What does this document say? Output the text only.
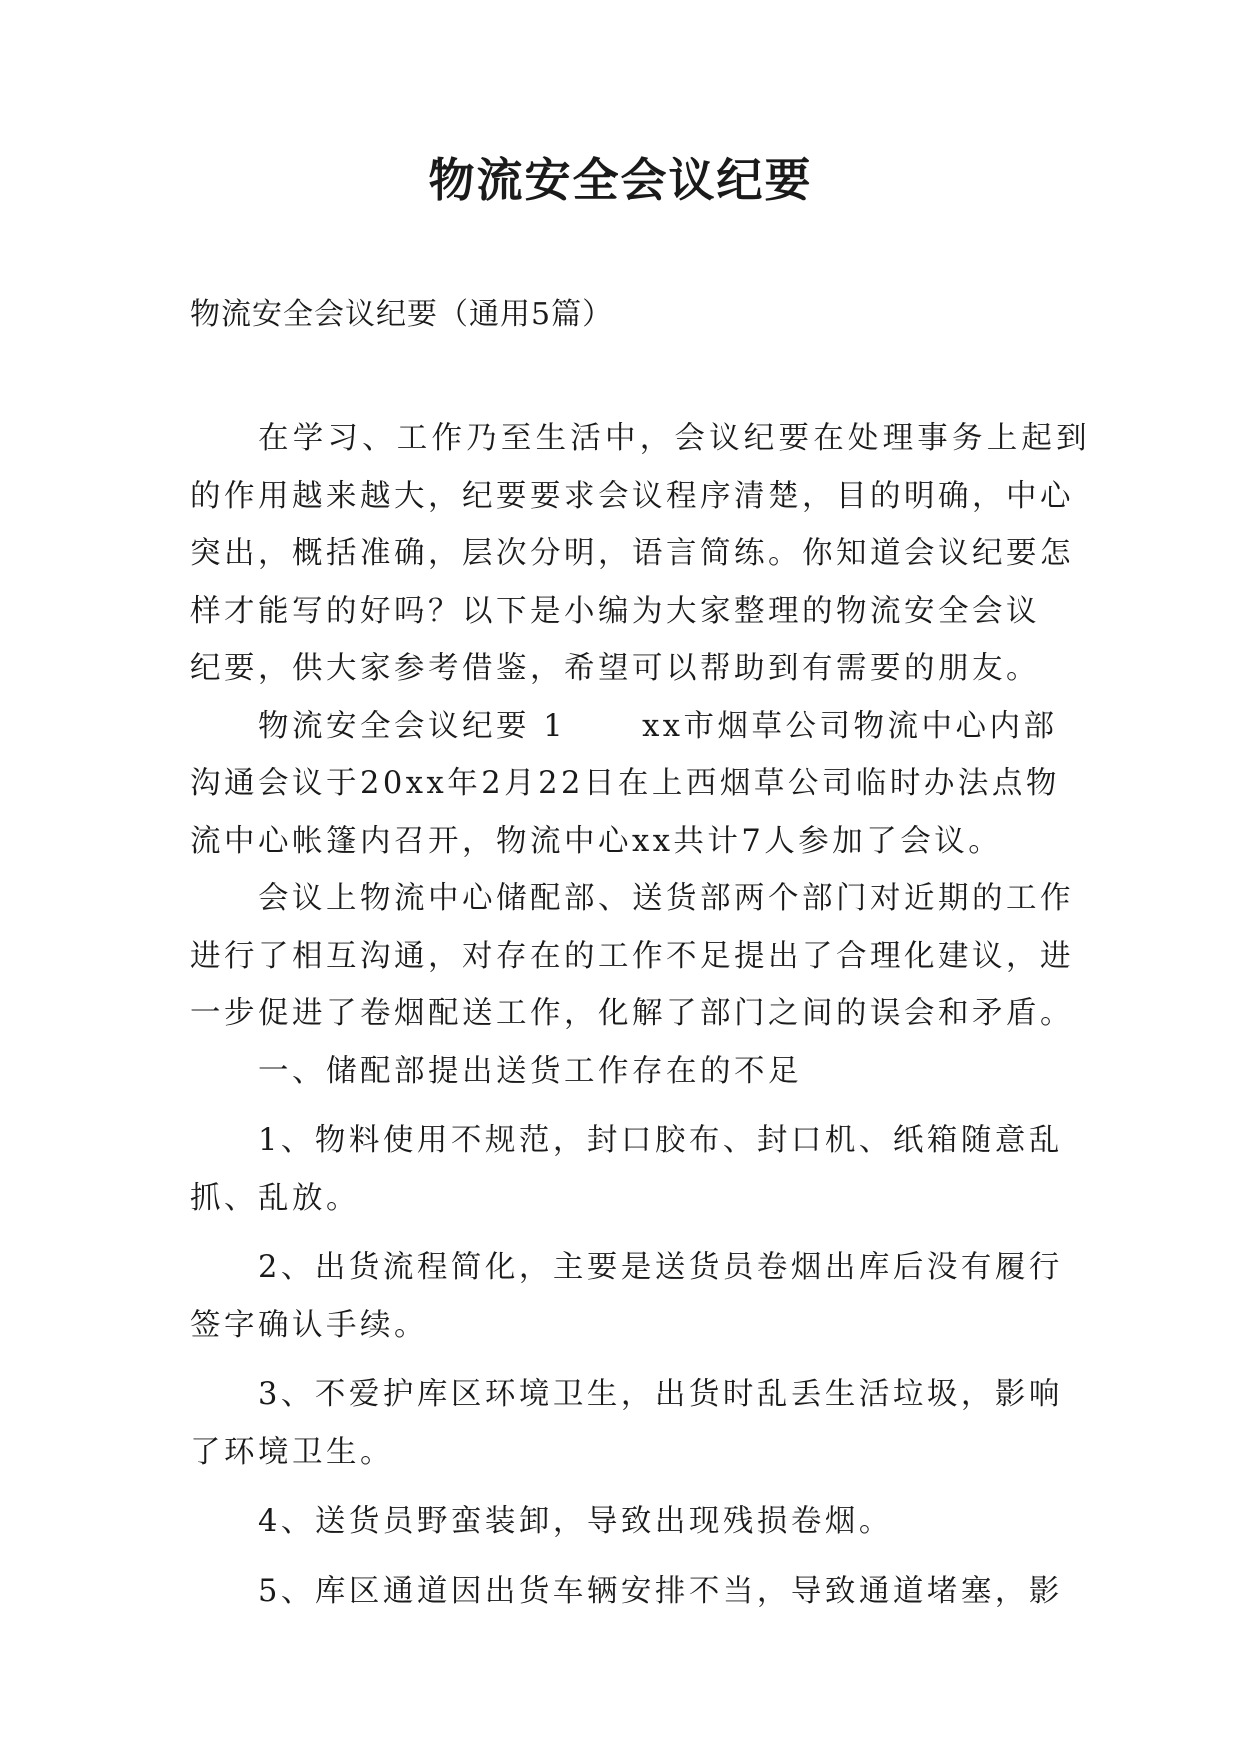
物流安全会议纪要
物流安全会议纪要（通用5篇）
在学习、工作乃至生活中，会议纪要在处理事务上起到
的作用越来越大，纪要要求会议程序清楚，目的明确，中心
突出，概括准确，层次分明，语言简练。你知道会议纪要怎
样才能写的好吗？以下是小编为大家整理的物流安全会议
纪要，供大家参考借鉴，希望可以帮助到有需要的朋友。
物流安全会议纪要 1 xx市烟草公司物流中心内部
沟通会议于20xx年2月22日在上西烟草公司临时办法点物
流中心帐篷内召开，物流中心xx共计7人参加了会议。
会议上物流中心储配部、送货部两个部门对近期的工作
进行了相互沟通，对存在的工作不足提出了合理化建议，进
一步促进了卷烟配送工作，化解了部门之间的误会和矛盾。
一、储配部提出送货工作存在的不足
1、物料使用不规范，封口胶布、封口机、纸箱随意乱
抓、乱放。
2、出货流程简化，主要是送货员卷烟出库后没有履行
签字确认手续。
3、不爱护库区环境卫生，出货时乱丢生活垃圾，影响
了环境卫生。
4、送货员野蛮装卸，导致出现残损卷烟。
5、库区通道因出货车辆安排不当，导致通道堵塞，影
